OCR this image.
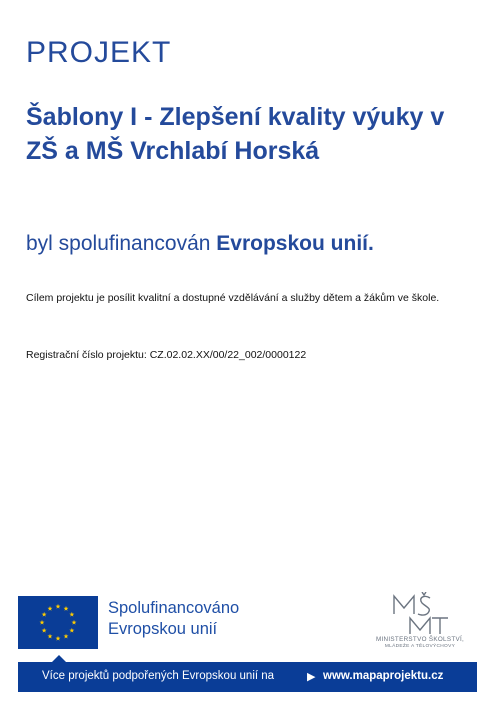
PROJEKT
Šablony I - Zlepšení kvality výuky v ZŠ a MŠ Vrchlabí Horská
byl spolufinancován Evropskou unií.
Cílem projektu je posílit kvalitní a dostupné vzdělávání a služby dětem a žákům ve škole.
Registrační číslo projektu: CZ.02.02.XX/00/22_002/0000122
Spolufinancováno
Evropskou unií
MINISTERSTVO ŠKOLSTVÍ,
MLÁDEŽE A TĚLOVÝCHOVY
Více projektů podpořených Evropskou unií na	▶ www.mapaprojektu.cz
